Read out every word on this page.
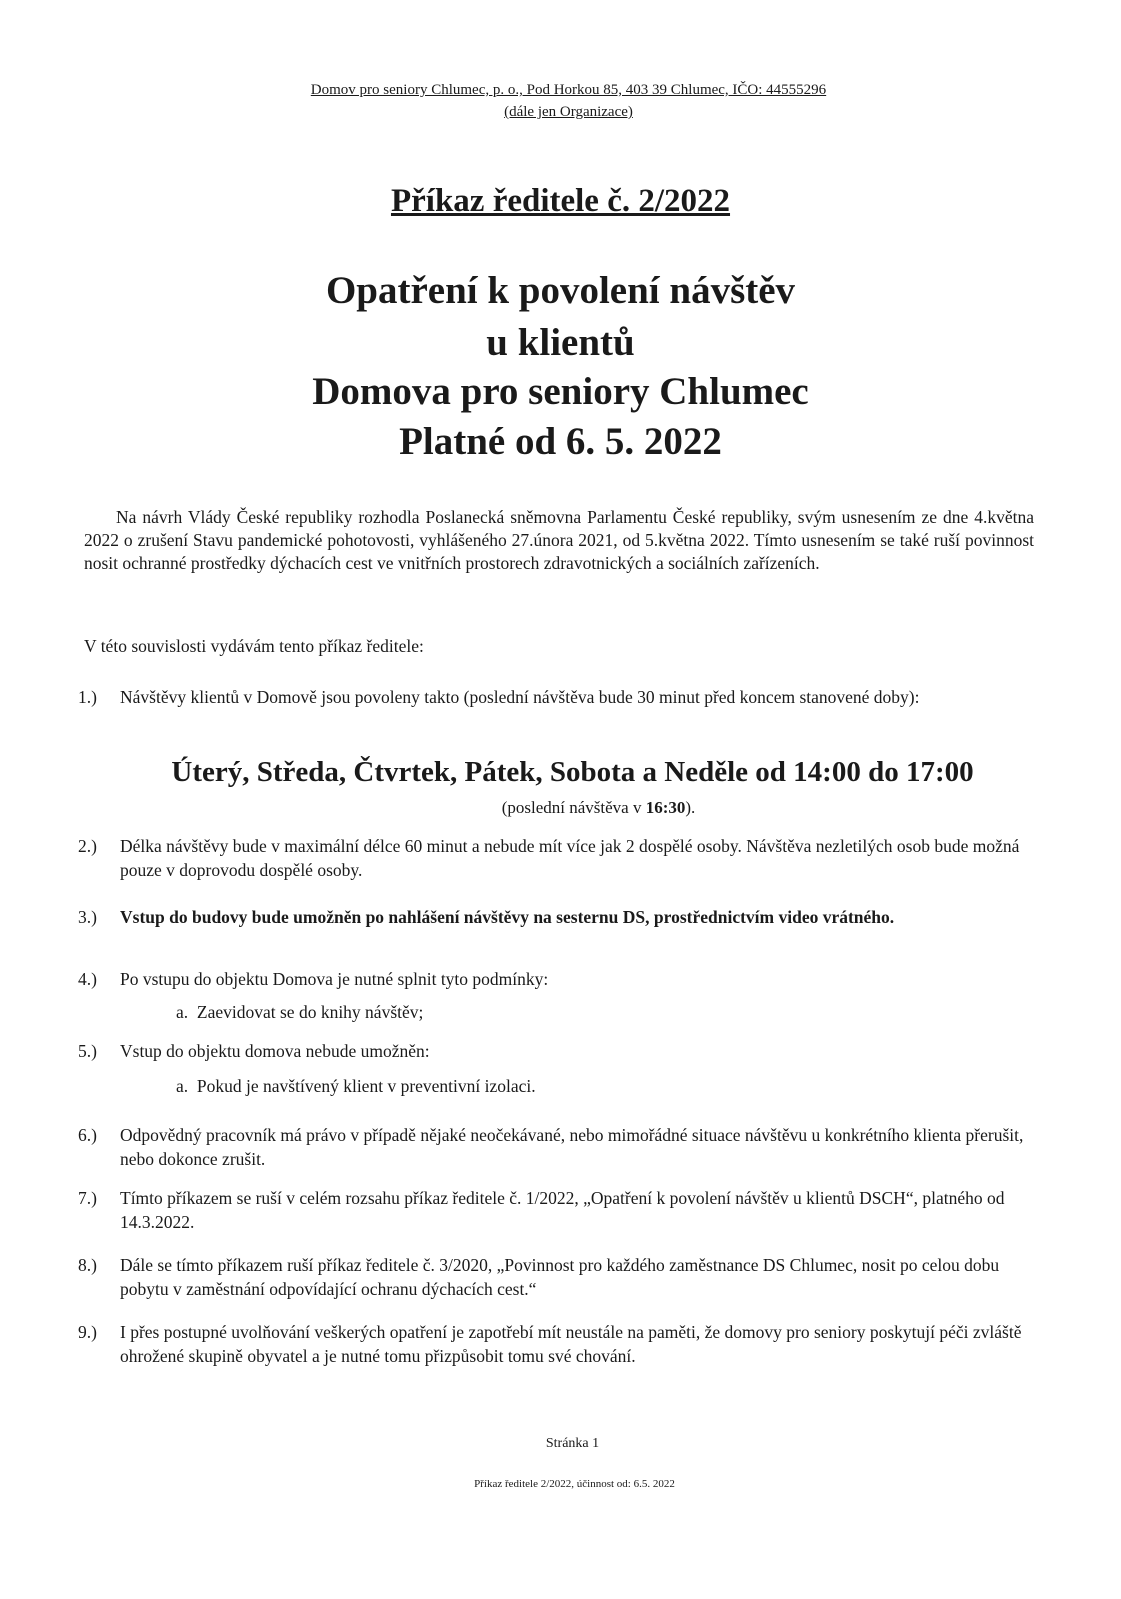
Domov pro seniory Chlumec, p. o., Pod Horkou 85, 403 39 Chlumec, IČO: 44555296
(dále jen Organizace)
Příkaz ředitele č. 2/2022
Opatření k povolení návštěv
u klientů
Domova pro seniory Chlumec
Platné od 6. 5. 2022
Na návrh Vlády České republiky rozhodla Poslanecká sněmovna Parlamentu České republiky, svým usnesením ze dne 4.května 2022 o zrušení Stavu pandemické pohotovosti, vyhlášeného 27.února 2021, od 5.května 2022. Tímto usnesením se také ruší povinnost nosit ochranné prostředky dýchacích cest ve vnitřních prostorech zdravotnických a sociálních zařízeních.
V této souvislosti vydávám tento příkaz ředitele:
1.)	Návštěvy klientů v Domově jsou povoleny takto (poslední návštěva bude 30 minut před koncem stanovené doby):
Úterý, Středa, Čtvrtek, Pátek, Sobota a Neděle od 14:00 do 17:00
(poslední návštěva v 16:30).
2.)	Délka návštěvy bude v maximální délce 60 minut a nebude mít více jak 2 dospělé osoby. Návštěva nezletilých osob bude možná pouze v doprovodu dospělé osoby.
3.)	Vstup do budovy bude umožněn po nahlášení návštěvy na sesternu DS, prostřednictvím video vrátného.
4.)	Po vstupu do objektu Domova je nutné splnit tyto podmínky:
a. Zaevidovat se do knihy návštěv;
5.)	Vstup do objektu domova nebude umožněn:
a. Pokud je navštívený klient v preventivní izolaci.
6.)	Odpovědný pracovník má právo v případě nějaké neočekávané, nebo mimořádné situace návštěvu u konkrétního klienta přerušit, nebo dokonce zrušit.
7.)	Tímto příkazem se ruší v celém rozsahu příkaz ředitele č. 1/2022, „Opatření k povolení návštěv u klientů DSCH“, platného od 14.3.2022.
8.)	Dále se tímto příkazem ruší příkaz ředitele č. 3/2020, „Povinnost pro každého zaměstnance DS Chlumec, nosit po celou dobu pobytu v zaměstnání odpovídající ochranu dýchacích cest.“
9.)	I přes postupné uvolňování veškerých opatření je zapotřebí mít neustále na paměti, že domovy pro seniory poskytují péči zvláště ohrožené skupině obyvatel a je nutné tomu přizpůsobit tomu své chování.
Stránka 1
Příkaz ředitele 2/2022, účinnost od: 6.5. 2022
